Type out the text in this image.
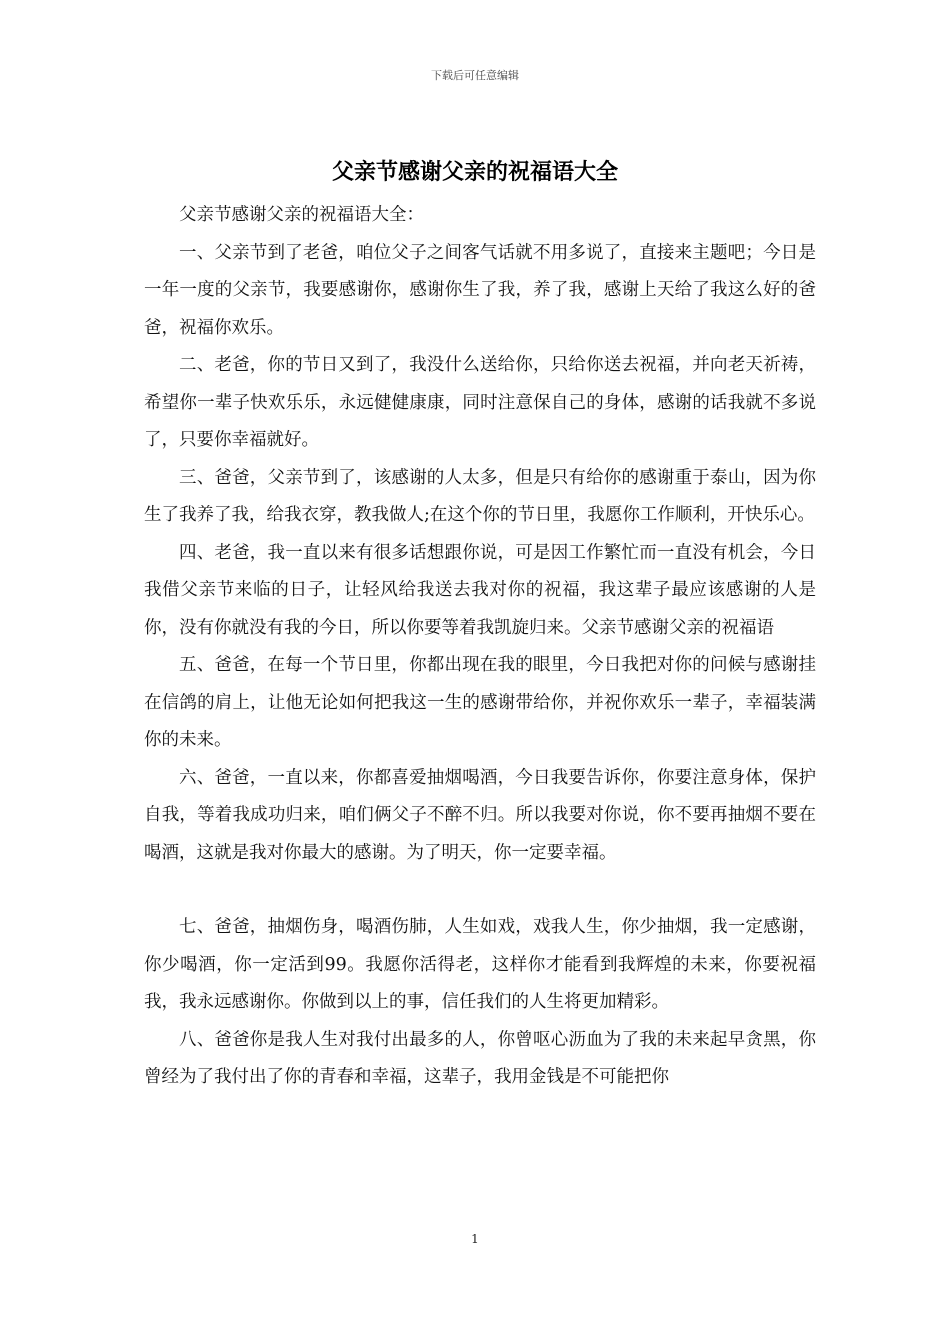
下载后可任意编辑
父亲节感谢父亲的祝福语大全

父亲节感谢父亲的祝福语大全：

一、父亲节到了老爸，咱位父子之间客气话就不用多说了，直接来主题吧；今日是一年一度的父亲节，我要感谢你，感谢你生了我，养了我，感谢上天给了我这么好的爸爸，祝福你欢乐。

二、老爸，你的节日又到了，我没什么送给你，只给你送去祝福，并向老天祈祷，希望你一辈子快欢乐乐，永远健健康康，同时注意保自己的身体，感谢的话我就不多说了，只要你幸福就好。

三、爸爸，父亲节到了，该感谢的人太多，但是只有给你的感谢重于泰山，因为你生了我养了我，给我衣穿，教我做人;在这个你的节日里，我愿你工作顺利，开快乐心。

四、老爸，我一直以来有很多话想跟你说，可是因工作繁忙而一直没有机会，今日我借父亲节来临的日子，让轻风给我送去我对你的祝福，我这辈子最应该感谢的人是你，没有你就没有我的今日，所以你要等着我凯旋归来。父亲节感谢父亲的祝福语

五、爸爸，在每一个节日里，你都出现在我的眼里，今日我把对你的问候与感谢挂在信鸽的肩上，让他无论如何把我这一生的感谢带给你，并祝你欢乐一辈子，幸福装满你的未来。

六、爸爸，一直以来，你都喜爱抽烟喝酒，今日我要告诉你，你要注意身体，保护自我，等着我成功归来，咱们俩父子不醉不归。所以我要对你说，你不要再抽烟不要在喝酒，这就是我对你最大的感谢。为了明天，你一定要幸福。

七、爸爸，抽烟伤身，喝酒伤肺，人生如戏，戏我人生，你少抽烟，我一定感谢，你少喝酒，你一定活到99。我愿你活得老，这样你才能看到我辉煌的未来，你要祝福我，我永远感谢你。你做到以上的事，信任我们的人生将更加精彩。

八、爸爸你是我人生对我付出最多的人，你曾呕心沥血为了我的未来起早贪黑，你曾经为了我付出了你的青春和幸福，这辈子，我用金钱是不可能把你

1
